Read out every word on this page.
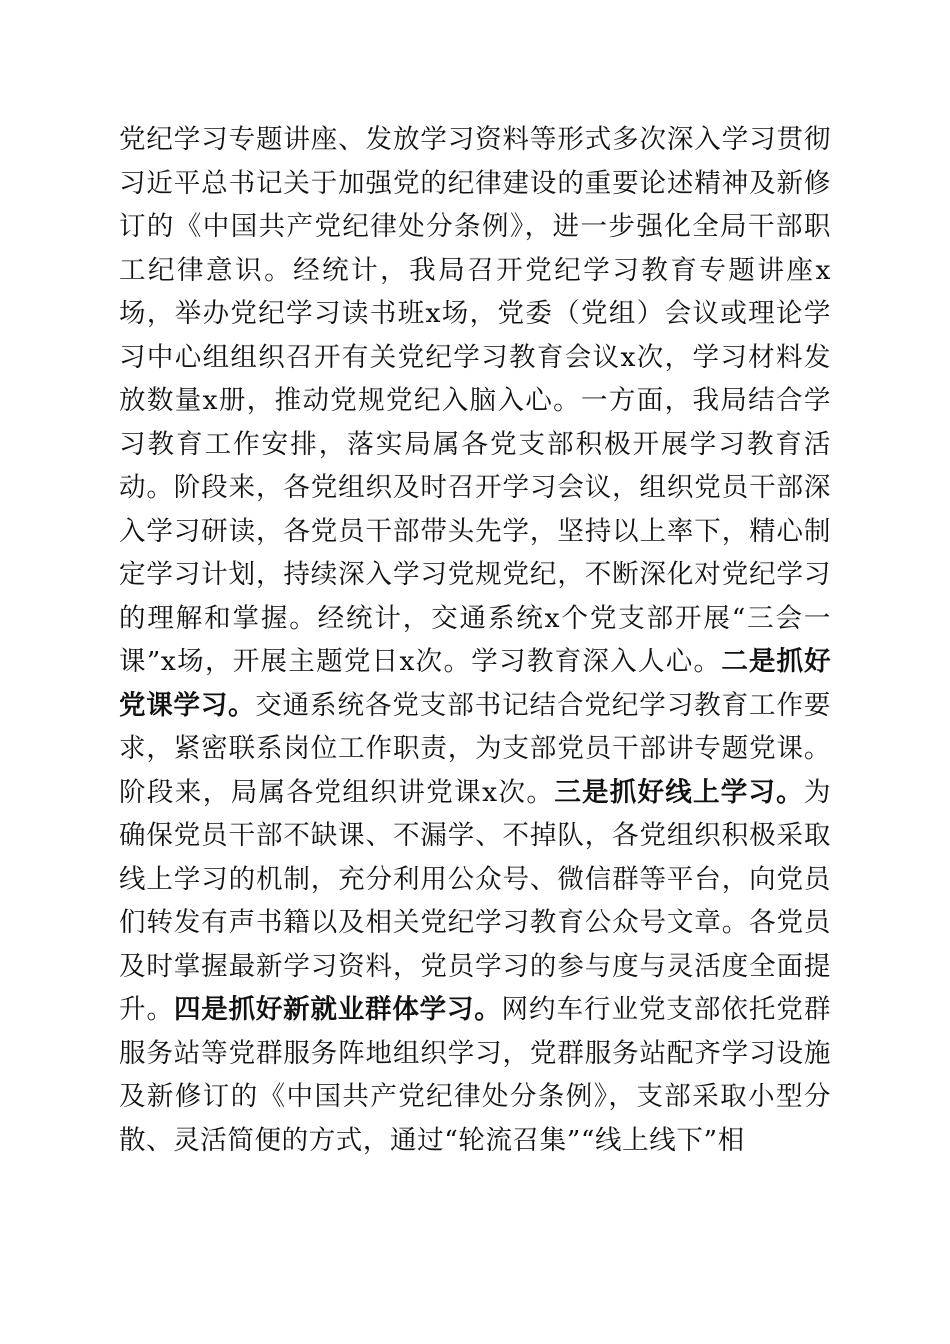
党纪学习专题讲座、发放学习资料等形式多次深入学习贯彻习近平总书记关于加强党的纪律建设的重要论述精神及新修订的《中国共产党纪律处分条例》，进一步强化全局干部职工纪律意识。经统计，我局召开党纪学习教育专题讲座x场，举办党纪学习读书班x场，党委（党组）会议或理论学习中心组组织召开有关党纪学习教育会议x次，学习材料发放数量x册，推动党规党纪入脑入心。一方面，我局结合学习教育工作安排，落实局属各党支部积极开展学习教育活动。阶段来，各党组织及时召开学习会议，组织党员干部深入学习研读，各党员干部带头先学，坚持以上率下，精心制定学习计划，持续深入学习党规党纪，不断深化对党纪学习的理解和掌握。经统计，交通系统x个党支部开展“三会一课”x场，开展主题党日x次。学习教育深入人心。二是抓好党课学习。交通系统各党支部书记结合党纪学习教育工作要求，紧密联系岗位工作职责，为支部党员干部讲专题党课。阶段来，局属各党组织讲党课x次。三是抓好线上学习。为确保党员干部不缺课、不漏学、不掉队，各党组织积极采取线上学习的机制，充分利用公众号、微信群等平台，向党员们转发有声书籍以及相关党纪学习教育公众号文章。各党员及时掌握最新学习资料，党员学习的参与度与灵活度全面提升。四是抓好新就业群体学习。网约车行业党支部依托党群服务站等党群服务阵地组织学习，党群服务站配齐学习设施及新修订的《中国共产党纪律处分条例》，支部采取小型分散、灵活简便的方式，通过“轮流召集”“线上线下”相
